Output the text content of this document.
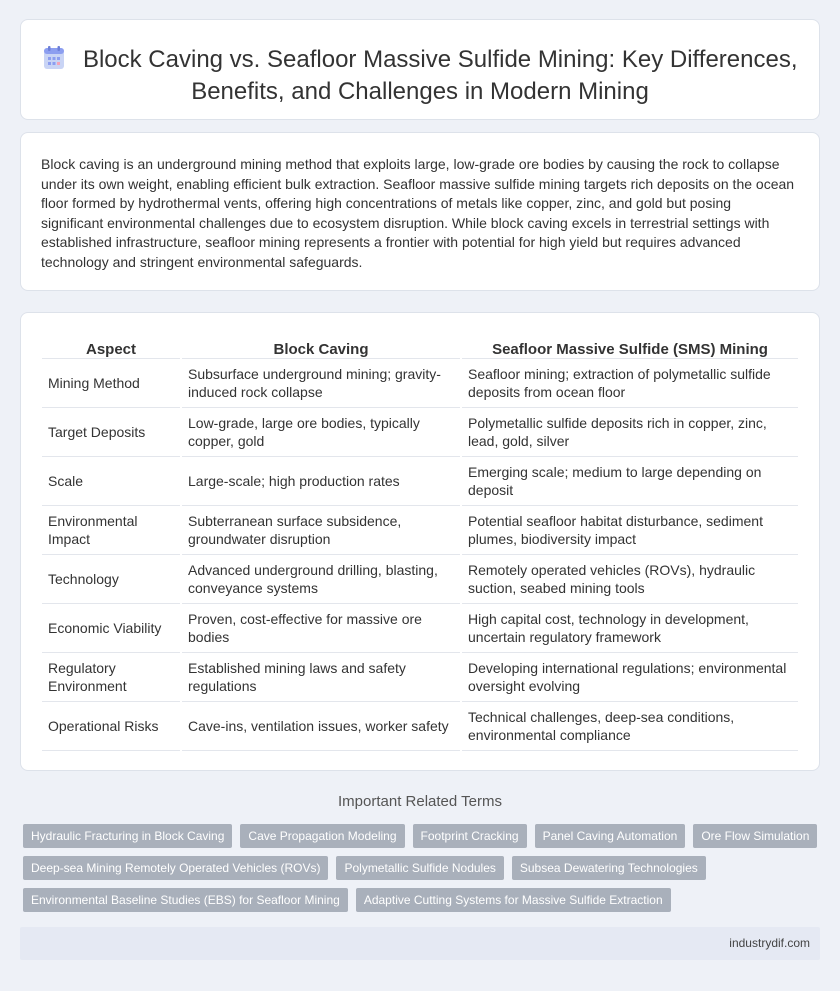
Block Caving vs. Seafloor Massive Sulfide Mining: Key Differences, Benefits, and Challenges in Modern Mining

Block caving is an underground mining method that exploits large, low-grade ore bodies by causing the rock to collapse under its own weight, enabling efficient bulk extraction. Seafloor massive sulfide mining targets rich deposits on the ocean floor formed by hydrothermal vents, offering high concentrations of metals like copper, zinc, and gold but posing significant environmental challenges due to ecosystem disruption. While block caving excels in terrestrial settings with established infrastructure, seafloor mining represents a frontier with potential for high yield but requires advanced technology and stringent environmental safeguards.

Aspect	Block Caving	Seafloor Massive Sulfide (SMS) Mining
Mining Method	Subsurface underground mining; gravity-induced rock collapse	Seafloor mining; extraction of polymetallic sulfide deposits from ocean floor
Target Deposits	Low-grade, large ore bodies, typically copper, gold	Polymetallic sulfide deposits rich in copper, zinc, lead, gold, silver
Scale	Large-scale; high production rates	Emerging scale; medium to large depending on deposit
Environmental Impact	Subterranean surface subsidence, groundwater disruption	Potential seafloor habitat disturbance, sediment plumes, biodiversity impact
Technology	Advanced underground drilling, blasting, conveyance systems	Remotely operated vehicles (ROVs), hydraulic suction, seabed mining tools
Economic Viability	Proven, cost-effective for massive ore bodies	High capital cost, technology in development, uncertain regulatory framework
Regulatory Environment	Established mining laws and safety regulations	Developing international regulations; environmental oversight evolving
Operational Risks	Cave-ins, ventilation issues, worker safety	Technical challenges, deep-sea conditions, environmental compliance
Important Related Terms
Hydraulic Fracturing in Block Caving	Cave Propagation Modeling	Footprint Cracking	Panel Caving Automation	Ore Flow Simulation
Deep-sea Mining Remotely Operated Vehicles (ROVs)	Polymetallic Sulfide Nodules	Subsea Dewatering Technologies
Environmental Baseline Studies (EBS) for Seafloor Mining	Adaptive Cutting Systems for Massive Sulfide Extraction
industrydif.com
